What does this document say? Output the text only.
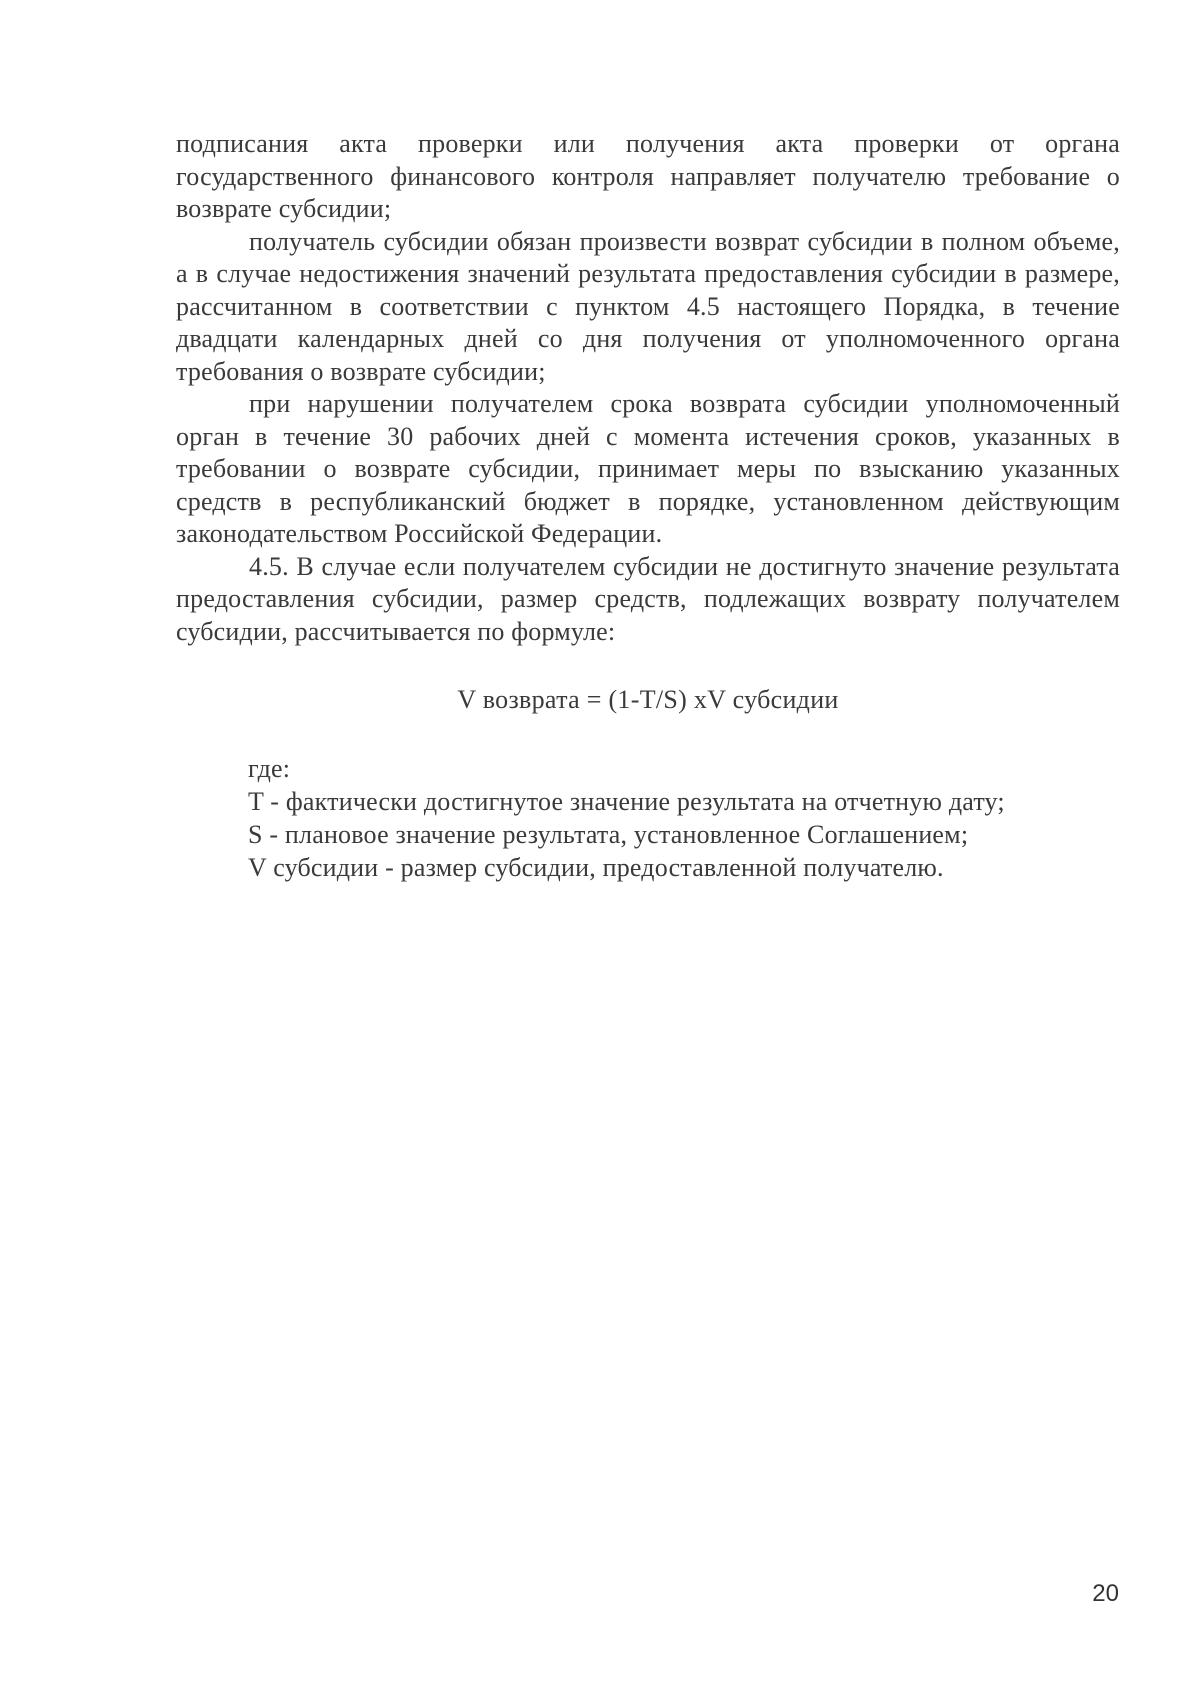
подписания акта проверки или получения акта проверки от органа государственного финансового контроля направляет получателю требование о возврате субсидии;

получатель субсидии обязан произвести возврат субсидии в полном объеме, а в случае недостижения значений результата предоставления субсидии в размере, рассчитанном в соответствии с пунктом 4.5 настоящего Порядка, в течение двадцати календарных дней со дня получения от уполномоченного органа требования о возврате субсидии;

при нарушении получателем срока возврата субсидии уполномоченный орган в течение 30 рабочих дней с момента истечения сроков, указанных в требовании о возврате субсидии, принимает меры по взысканию указанных средств в республиканский бюджет в порядке, установленном действующим законодательством Российской Федерации.

4.5. В случае если получателем субсидии не достигнуто значение результата предоставления субсидии, размер средств, подлежащих возврату получателем субсидии, рассчитывается по формуле:

V возврата = (1-T/S) xV субсидии
где:
T - фактически достигнутое значение результата на отчетную дату;
S - плановое значение результата, установленное Соглашением;
V субсидии - размер субсидии, предоставленной получателю.
20
